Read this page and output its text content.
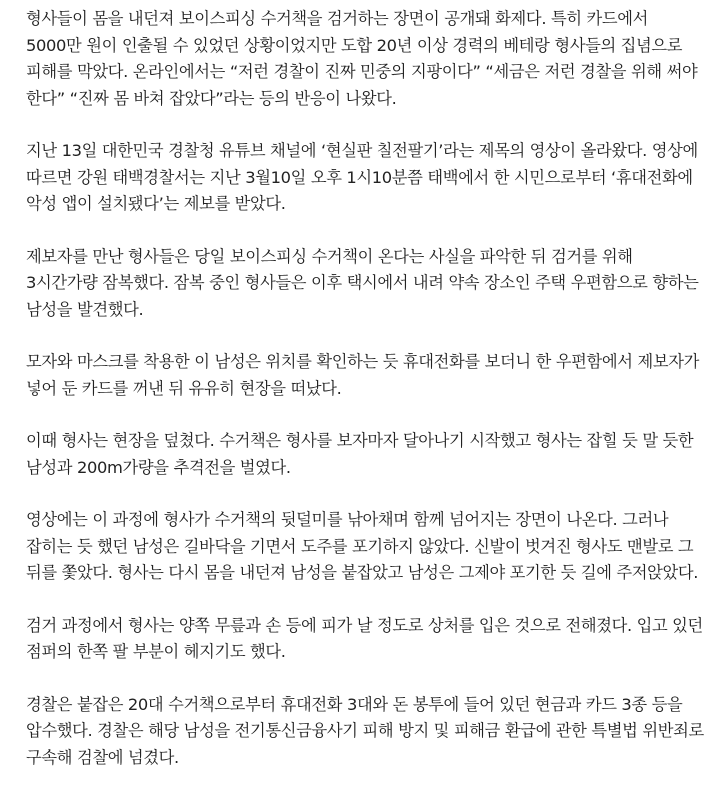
형사들이 몸을 내던져 보이스피싱 수거책을 검거하는 장면이 공개돼 화제다. 특히 카드에서 5000만 원이 인출될 수 있었던 상황이었지만 도합 20년 이상 경력의 베테랑 형사들의 집념으로 피해를 막았다. 온라인에서는 “저런 경찰이 진짜 민중의 지팡이다” “세금은 저런 경찰을 위해 써야 한다” “진짜 몸 바쳐 잡았다”라는 등의 반응이 나왔다.

지난 13일 대한민국 경찰청 유튜브 채널에 ‘현실판 칠전팔기’라는 제목의 영상이 올라왔다. 영상에 따르면 강원 태백경찰서는 지난 3월10일 오후 1시10분쯤 태백에서 한 시민으로부터 ‘휴대전화에 악성 앱이 설치됐다’는 제보를 받았다.

제보자를 만난 형사들은 당일 보이스피싱 수거책이 온다는 사실을 파악한 뒤 검거를 위해 3시간가량 잠복했다. 잠복 중인 형사들은 이후 택시에서 내려 약속 장소인 주택 우편함으로 향하는 남성을 발견했다.

모자와 마스크를 착용한 이 남성은 위치를 확인하는 듯 휴대전화를 보더니 한 우편함에서 제보자가 넣어 둔 카드를 꺼낸 뒤 유유히 현장을 떠났다.

이때 형사는 현장을 덮쳤다. 수거책은 형사를 보자마자 달아나기 시작했고 형사는 잡힐 듯 말 듯한 남성과 200m가량을 추격전을 벌였다.

영상에는 이 과정에 형사가 수거책의 뒷덜미를 낚아채며 함께 넘어지는 장면이 나온다. 그러나 잡히는 듯 했던 남성은 길바닥을 기면서 도주를 포기하지 않았다. 신발이 벗겨진 형사도 맨발로 그 뒤를 쫓았다. 형사는 다시 몸을 내던져 남성을 붙잡았고 남성은 그제야 포기한 듯 길에 주저앉았다.

검거 과정에서 형사는 양쪽 무릎과 손 등에 피가 날 정도로 상처를 입은 것으로 전해졌다. 입고 있던 점퍼의 한쪽 팔 부분이 헤지기도 했다.

경찰은 붙잡은 20대 수거책으로부터 휴대전화 3대와 돈 봉투에 들어 있던 현금과 카드 3종 등을 압수했다. 경찰은 해당 남성을 전기통신금융사기 피해 방지 및 피해금 환급에 관한 특별법 위반죄로 구속해 검찰에 넘겼다.
